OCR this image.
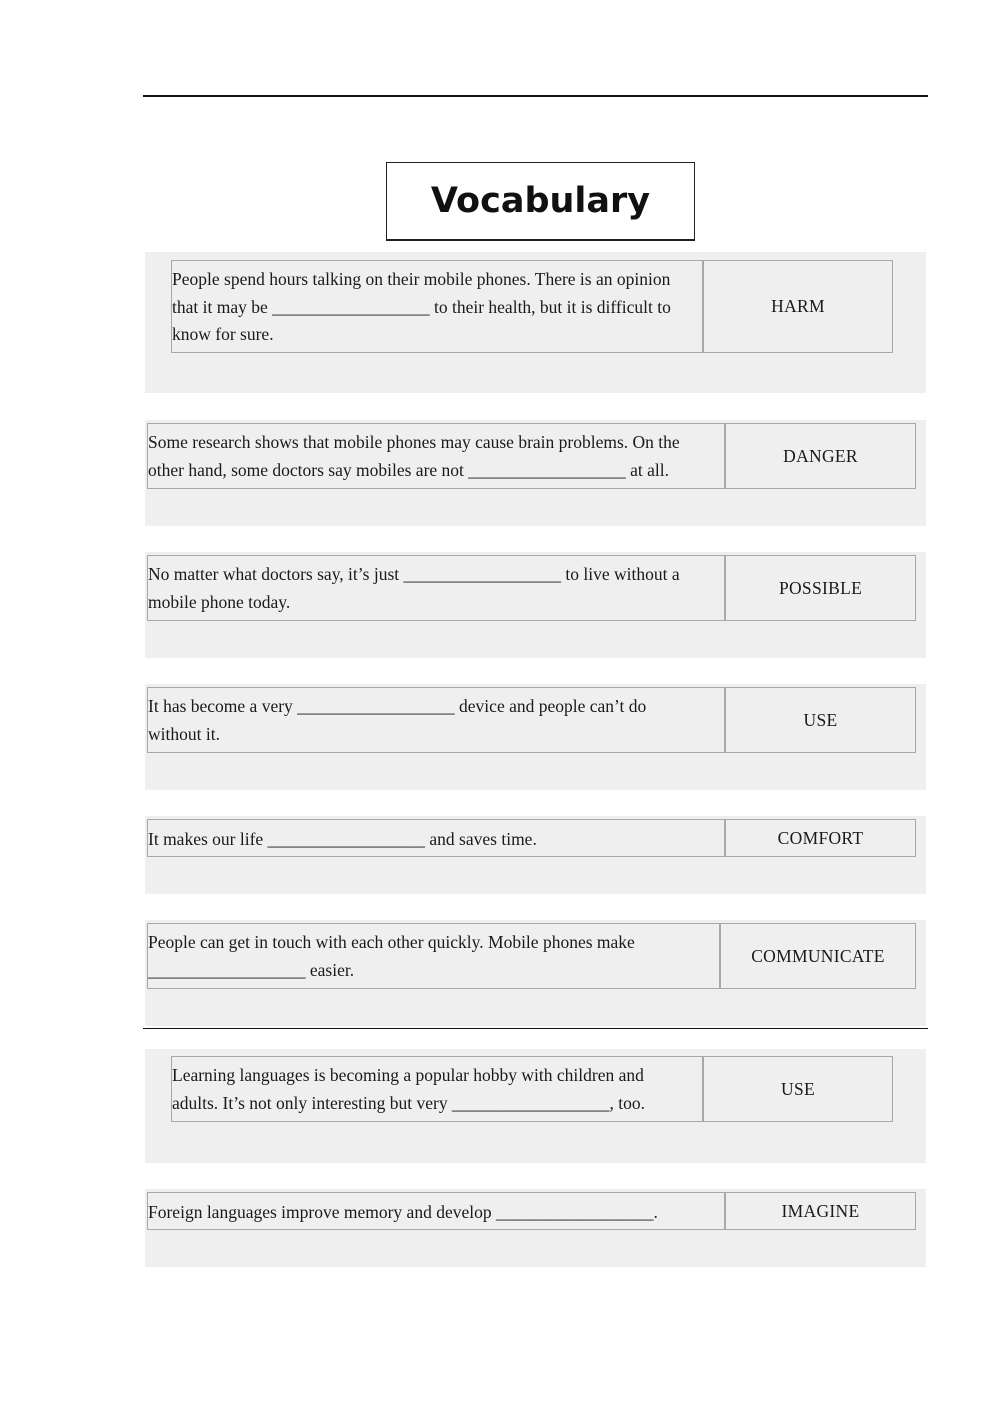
Vocabulary
People spend hours talking on their mobile phones. There is an opinion
that it may be __________________ to their health, but it is difficult to
know for sure.
HARM
Some research shows that mobile phones may cause brain problems. On the
other hand, some doctors say mobiles are not __________________ at all.
DANGER
No matter what doctors say, it’s just __________________ to live without a
mobile phone today.
POSSIBLE
It has become a very __________________ device and people can’t do
without it.
USE
It makes our life __________________ and saves time.	COMFORT
People can get in touch with each other quickly. Mobile phones make
__________________ easier.
COMMUNICATE
Learning languages is becoming a popular hobby with children and
adults. It’s not only interesting but very __________________, too.
USE
Foreign languages improve memory and develop __________________.	IMAGINE
